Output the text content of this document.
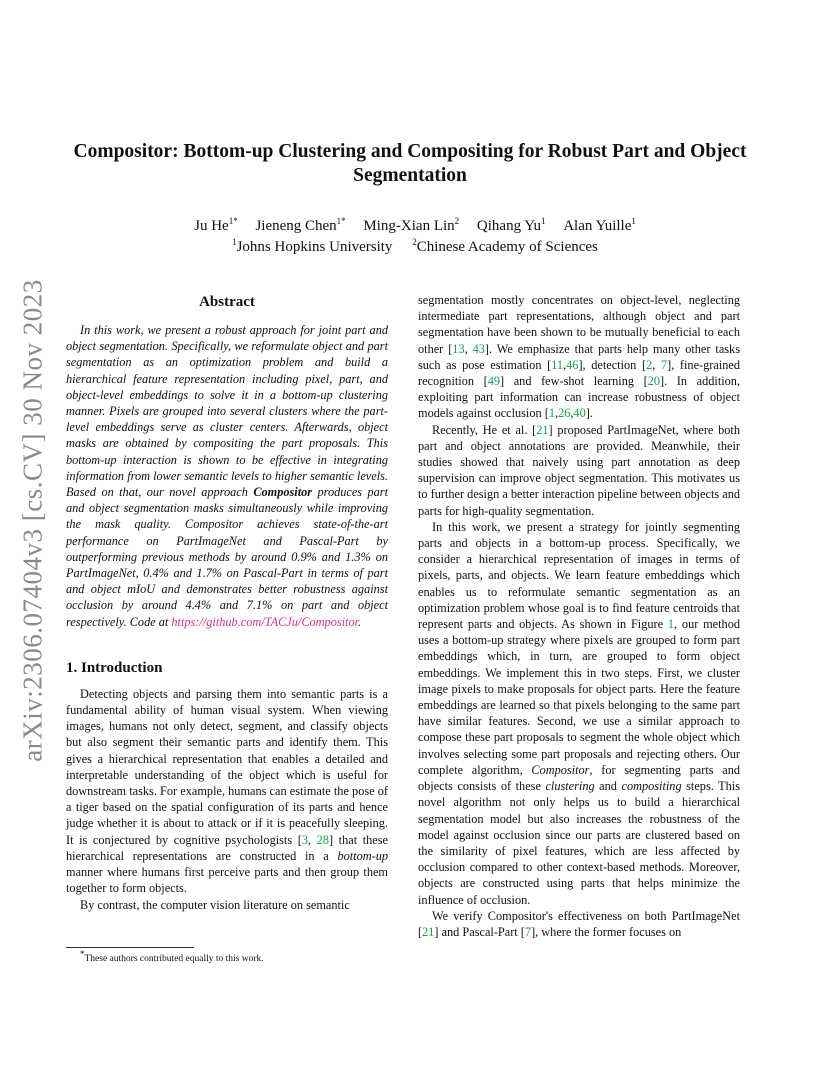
arXiv:2306.07404v3 [cs.CV] 30 Nov 2023
Compositor: Bottom-up Clustering and Compositing for Robust Part and Object Segmentation
Ju $He^{1*}$ Jieneng Chen$^{1*}$ Ming-Xian Lin$^2$ Qihang Yu$^1$ Alan Yuille$^1$
$^1$Johns Hopkins University $^2$Chinese Academy of Sciences
Abstract

In this work, we present a robust approach for joint part and object segmentation. Specifically, we reformulate object and part segmentation as an optimization problem and build a hierarchical feature representation including pixel, part, and object-level embeddings to solve it in a bottom-up clustering manner. Pixels are grouped into several clusters where the part-level embeddings serve as cluster centers. Afterwards, object masks are obtained by compositing the part proposals. This bottom-up interaction is shown to be effective in integrating information from lower semantic levels to higher semantic levels. Based on that, our novel approach Compositor produces part and object segmentation masks simultaneously while improving the mask quality. Compositor achieves state-of-the-art performance on PartImageNet and Pascal-Part by outperforming previous methods by around 0.9% and 1.3% on PartImageNet, 0.4% and 1.7% on Pascal-Part in terms of part and object mIoU and demonstrates better robustness against occlusion by around 4.4% and 7.1% on part and object respectively. Code at https://github.com/TACJu/Compositor.

1. Introduction

Detecting objects and parsing them into semantic parts is a fundamental ability of human visual system. When viewing images, humans not only detect, segment, and classify objects but also segment their semantic parts and identify them. This gives a hierarchical representation that enables a detailed and interpretable understanding of the object which is useful for downstream tasks. For example, humans can estimate the pose of a tiger based on the spatial configuration of its parts and hence judge whether it is about to attack or if it is peacefully sleeping. It is conjectured by cognitive psychologists [3, 28] that these hierarchical representations are constructed in a bottom-up manner where humans first perceive parts and then group them together to form objects.

By contrast, the computer vision literature on semantic

segmentation mostly concentrates on object-level, neglecting intermediate part representations, although object and part segmentation have been shown to be mutually beneficial to each other [13, 43]. We emphasize that parts help many other tasks such as pose estimation [11,46], detection [2, 7], fine-grained recognition [49] and few-shot learning [20]. In addition, exploiting part information can increase robustness of object models against occlusion [1,26,40].

Recently, He et al. [21] proposed PartImageNet, where both part and object annotations are provided. Meanwhile, their studies showed that naively using part annotation as deep supervision can improve object segmentation. This motivates us to further design a better interaction pipeline between objects and parts for high-quality segmentation.

In this work, we present a strategy for jointly segmenting parts and objects in a bottom-up process. Specifically, we consider a hierarchical representation of images in terms of pixels, parts, and objects. We learn feature embeddings which enables us to reformulate semantic segmentation as an optimization problem whose goal is to find feature centroids that represent parts and objects. As shown in Figure 1, our method uses a bottom-up strategy where pixels are grouped to form part embeddings which, in turn, are grouped to form object embeddings. We implement this in two steps. First, we cluster image pixels to make proposals for object parts. Here the feature embeddings are learned so that pixels belonging to the same part have similar features. Second, we use a similar approach to compose these part proposals to segment the whole object which involves selecting some part proposals and rejecting others. Our complete algorithm, Compositor, for segmenting parts and objects consists of these clustering and compositing steps. This novel algorithm not only helps us to build a hierarchical segmentation model but also increases the robustness of the model against occlusion since our parts are clustered based on the similarity of pixel features, which are less affected by occlusion compared to other context-based methods. Moreover, objects are constructed using parts that helps minimize the influence of occlusion.

We verify Compositor's effectiveness on both PartImageNet [21] and Pascal-Part [7], where the former focuses on

*These authors contributed equally to this work.
